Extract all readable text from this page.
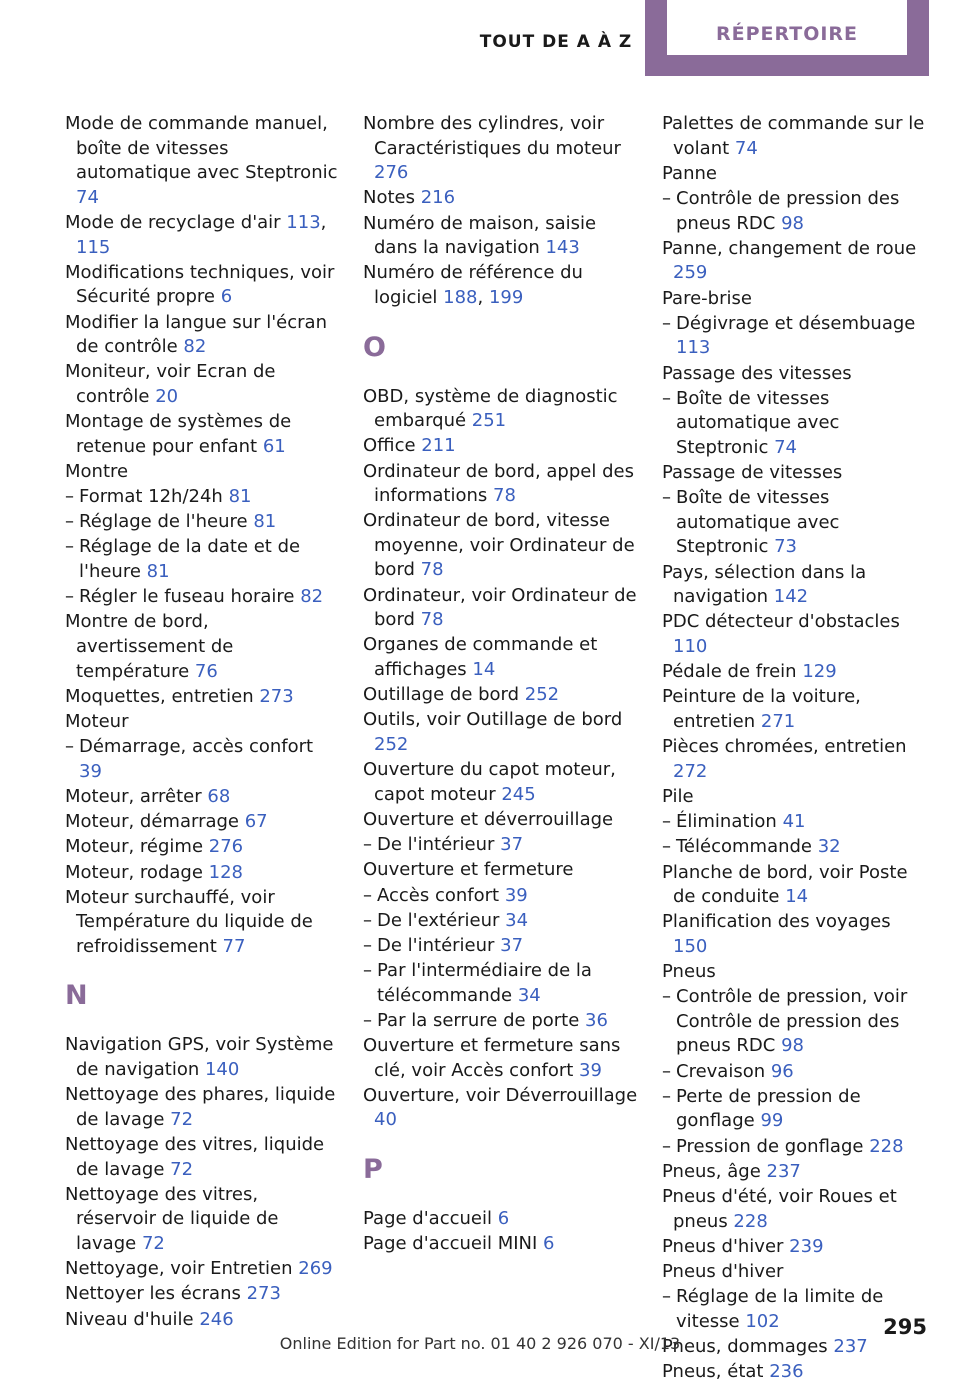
TOUT DE A À Z	RÉPERTOIRE
Mode de commande manuel, boîte de vitesses automatique avec Steptronic 74
Mode de recyclage d'air 113, 115
Modifications techniques, voir Sécurité propre 6
Modifier la langue sur l'écran de contrôle 82
Moniteur, voir Ecran de contrôle 20
Montage de systèmes de retenue pour enfant 61
Montre
– Format 12h/24h 81
– Réglage de l'heure 81
– Réglage de la date et de l'heure 81
– Régler le fuseau horaire 82
Montre de bord, avertissement de température 76
Moquettes, entretien 273
Moteur
– Démarrage, accès confort 39
Moteur, arrêter 68
Moteur, démarrage 67
Moteur, régime 276
Moteur, rodage 128
Moteur surchauffé, voir Température du liquide de refroidissement 77
N
Navigation GPS, voir Système de navigation 140
Nettoyage des phares, liquide de lavage 72
Nettoyage des vitres, liquide de lavage 72
Nettoyage des vitres, réservoir de liquide de lavage 72
Nettoyage, voir Entretien 269
Nettoyer les écrans 273
Niveau d'huile 246
Nombre des cylindres, voir Caractéristiques du moteur 276
Notes 216
Numéro de maison, saisie dans la navigation 143
Numéro de référence du logiciel 188, 199
O
OBD, système de diagnostic embarqué 251
Office 211
Ordinateur de bord, appel des informations 78
Ordinateur de bord, vitesse moyenne, voir Ordinateur de bord 78
Ordinateur, voir Ordinateur de bord 78
Organes de commande et affichages 14
Outillage de bord 252
Outils, voir Outillage de bord 252
Ouverture du capot moteur, capot moteur 245
Ouverture et déverrouillage
– De l'intérieur 37
Ouverture et fermeture
– Accès confort 39
– De l'extérieur 34
– De l'intérieur 37
– Par l'intermédiaire de la télécommande 34
– Par la serrure de porte 36
Ouverture et fermeture sans clé, voir Accès confort 39
Ouverture, voir Déverrouillage 40
P
Page d'accueil 6
Page d'accueil MINI 6
Palettes de commande sur le volant 74
Panne
– Contrôle de pression des pneus RDC 98
Panne, changement de roue 259
Pare-brise
– Dégivrage et désembuage 113
Passage des vitesses
– Boîte de vitesses automatique avec Steptronic 74
Passage de vitesses
– Boîte de vitesses automatique avec Steptronic 73
Pays, sélection dans la navigation 142
PDC détecteur d'obstacles 110
Pédale de frein 129
Peinture de la voiture, entretien 271
Pièces chromées, entretien 272
Pile
– Élimination 41
– Télécommande 32
Planche de bord, voir Poste de conduite 14
Planification des voyages 150
Pneus
– Contrôle de pression, voir Contrôle de pression des pneus RDC 98
– Crevaison 96
– Perte de pression de gonflage 99
– Pression de gonflage 228
Pneus, âge 237
Pneus d'été, voir Roues et pneus 228
Pneus d'hiver 239
Pneus d'hiver
– Réglage de la limite de vitesse 102
Pneus, dommages 237
Pneus, état 236
295
Online Edition for Part no. 01 40 2 926 070 - XI/13
